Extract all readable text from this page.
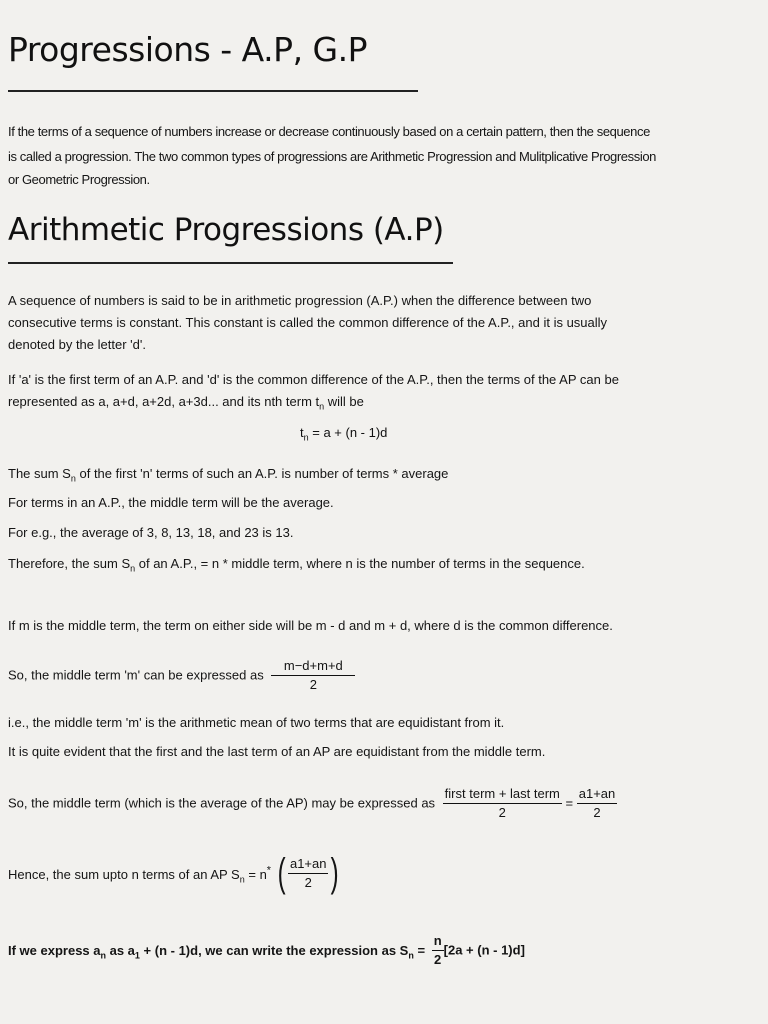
Progressions - A.P, G.P
If the terms of a sequence of numbers increase or decrease continuously based on a certain pattern, then the sequence
is called a progression. The two common types of progressions are Arithmetic Progression and Mulitplicative Progression
or Geometric Progression.
Arithmetic Progressions (A.P)
A sequence of numbers is said to be in arithmetic progression (A.P.) when the difference between two
consecutive terms is constant. This constant is called the common difference of the A.P., and it is usually
denoted by the letter 'd'.
If 'a' is the first term of an A.P. and 'd' is the common difference of the A.P., then the terms of the AP can be
represented as a, a+d, a+2d, a+3d... and its nth term $t_n$ will be
$t_n = a + (n - 1)d$
The sum $S_n$ of the first 'n' terms of such an A.P. is number of terms * average
For terms in an A.P., the middle term will be the average.
For e.g., the average of 3, 8, 13, 18, and 23 is 13.
Therefore, the sum $S_n$ of an A.P., = n * middle term, where n is the number of terms in the sequence.
If m is the middle term, the term on either side will be m - d and m + d, where d is the common difference.
So, the middle term 'm' can be expressed as $\frac{m-d+m+d}{2}$
i.e., the middle term 'm' is the arithmetic mean of two terms that are equidistant from it.
It is quite evident that the first and the last term of an AP are equidistant from the middle term.
So, the middle term (which is the average of the AP) may be expressed as $\frac{\text{first term + last term}}{2} = \frac{a1+an}{2}$
Hence, the sum upto n terms of an AP $S_n = n^*$ ( $\frac{a1+an}{2}$ )
If we express $a_n$ as $a_1 + (n - 1)d$, we can write the expression as $S_n = \frac{n}{2} [2a + (n - 1)d]$
